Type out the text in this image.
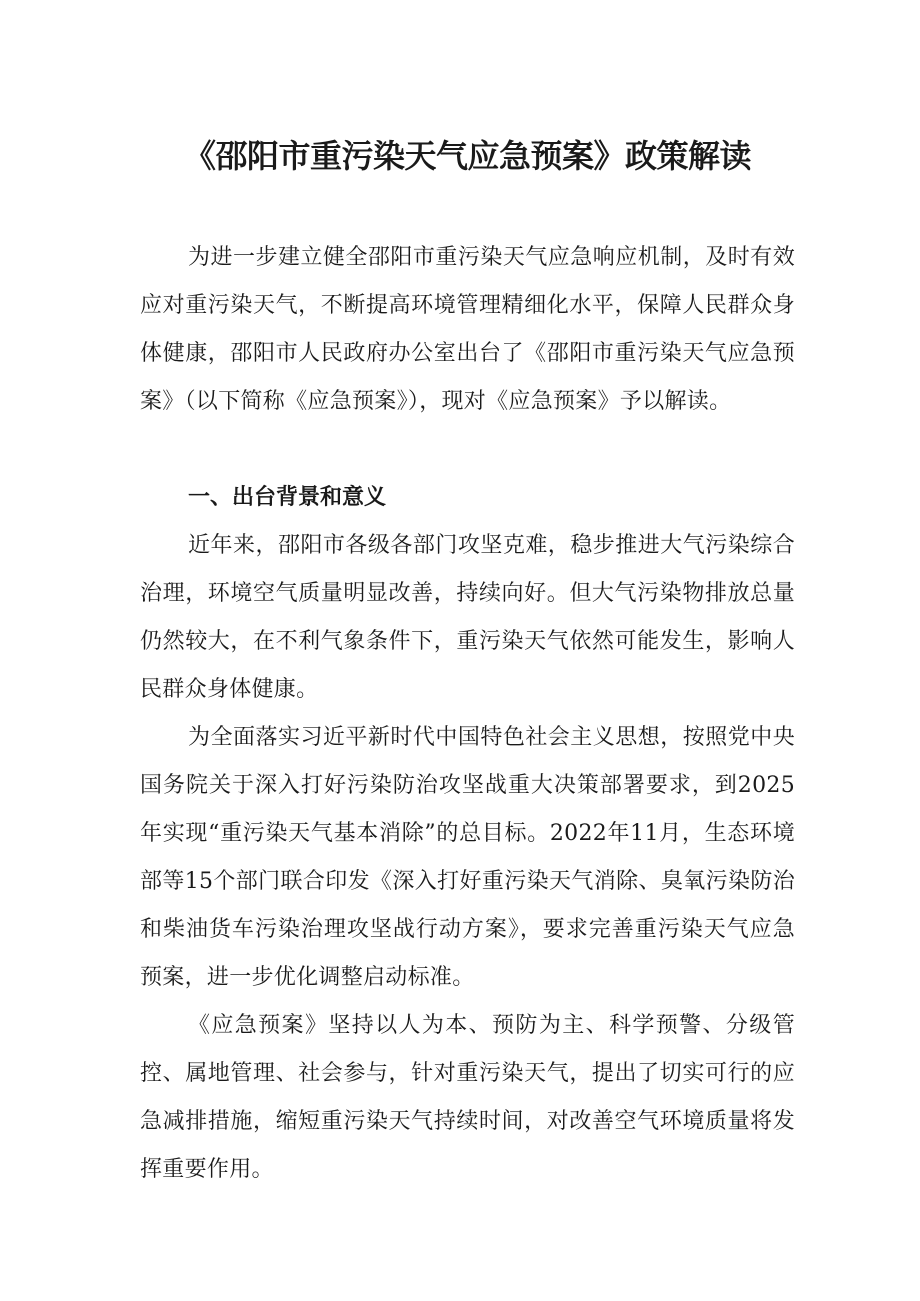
《邵阳市重污染天气应急预案》政策解读

为进一步建立健全邵阳市重污染天气应急响应机制，及时有效应对重污染天气，不断提高环境管理精细化水平，保障人民群众身体健康，邵阳市人民政府办公室出台了《邵阳市重污染天气应急预案》（以下简称《应急预案》），现对《应急预案》予以解读。

一、出台背景和意义

近年来，邵阳市各级各部门攻坚克难，稳步推进大气污染综合治理，环境空气质量明显改善，持续向好。但大气污染物排放总量仍然较大，在不利气象条件下，重污染天气依然可能发生，影响人民群众身体健康。

为全面落实习近平新时代中国特色社会主义思想，按照党中央国务院关于深入打好污染防治攻坚战重大决策部署要求，到2025年实现“重污染天气基本消除”的总目标。2022年11月，生态环境部等15个部门联合印发《深入打好重污染天气消除、臭氧污染防治和柴油货车污染治理攻坚战行动方案》，要求完善重污染天气应急预案，进一步优化调整启动标准。

《应急预案》坚持以人为本、预防为主、科学预警、分级管控、属地管理、社会参与，针对重污染天气，提出了切实可行的应急减排措施，缩短重污染天气持续时间，对改善空气环境质量将发挥重要作用。
